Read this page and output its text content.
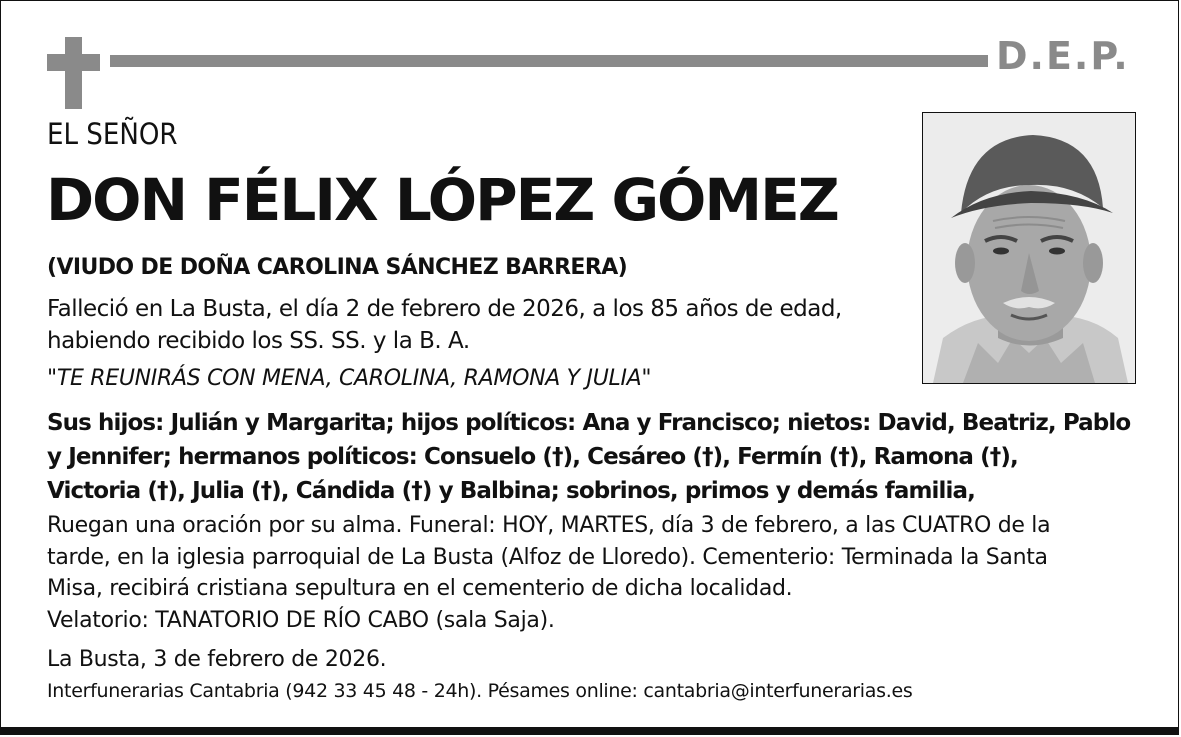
D.E.P.
EL SEÑOR
DON FÉLIX LÓPEZ GÓMEZ
(VIUDO DE DOÑA CAROLINA SÁNCHEZ BARRERA)
Falleció en La Busta, el día 2 de febrero de 2026, a los 85 años de edad,
habiendo recibido los SS. SS. y la B. A.
"TE REUNIRÁS CON MENA, CAROLINA, RAMONA Y JULIA"
Sus hijos: Julián y Margarita; hijos políticos: Ana y Francisco; nietos: David, Beatriz, Pablo
y Jennifer; hermanos políticos: Consuelo (†), Cesáreo (†), Fermín (†), Ramona (†),
Victoria (†), Julia (†), Cándida (†) y Balbina; sobrinos, primos y demás familia,
Ruegan una oración por su alma. Funeral: HOY, MARTES, día 3 de febrero, a las CUATRO de la
tarde, en la iglesia parroquial de La Busta (Alfoz de Lloredo). Cementerio: Terminada la Santa
Misa, recibirá cristiana sepultura en el cementerio de dicha localidad.
Velatorio: TANATORIO DE RÍO CABO (sala Saja).
La Busta, 3 de febrero de 2026.
Interfunerarias Cantabria (942 33 45 48 - 24h). Pésames online: cantabria@interfunerarias.es
